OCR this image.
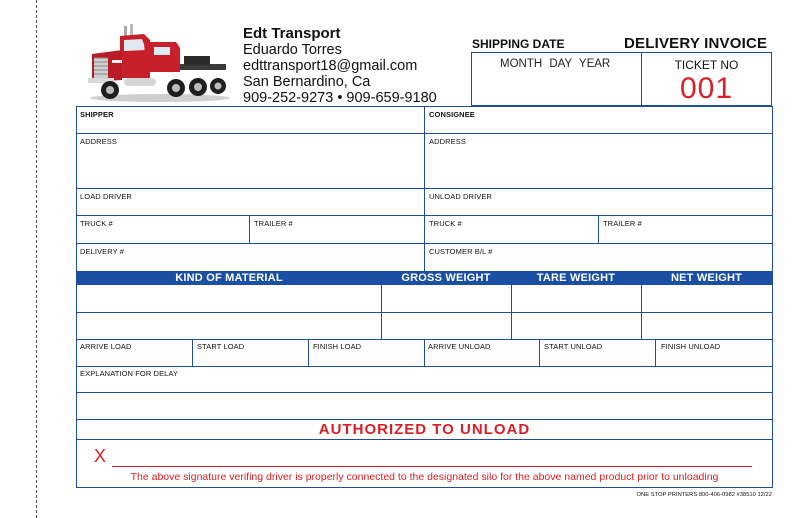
Edt Transport
Eduardo Torres
edttransport18@gmail.com
San Bernardino, Ca
909-252-9273 • 909-659-9180
SHIPPING DATE	DELIVERY INVOICE
MONTH DAY YEAR	TICKET NO
001
SHIPPER	CONSIGNEE
ADDRESS	ADDRESS
LOAD DRIVER	UNLOAD DRIVER
TRUCK #	TRAILER #	TRUCK #	TRAILER #
DELIVERY #	CUSTOMER B/L #
KIND OF MATERIAL	GROSS WEIGHT	TARE WEIGHT	NET WEIGHT
ARRIVE LOAD	START LOAD	FINISH LOAD	ARRIVE UNLOAD	START UNLOAD	FINISH UNLOAD
EXPLANATION FOR DELAY
AUTHORIZED TO UNLOAD
X
The above signature verifing driver is properly connected to the designated silo for the above named product prior to unloading
ONE STOP PRINTERS 800-406-0982 #38510 12/22
